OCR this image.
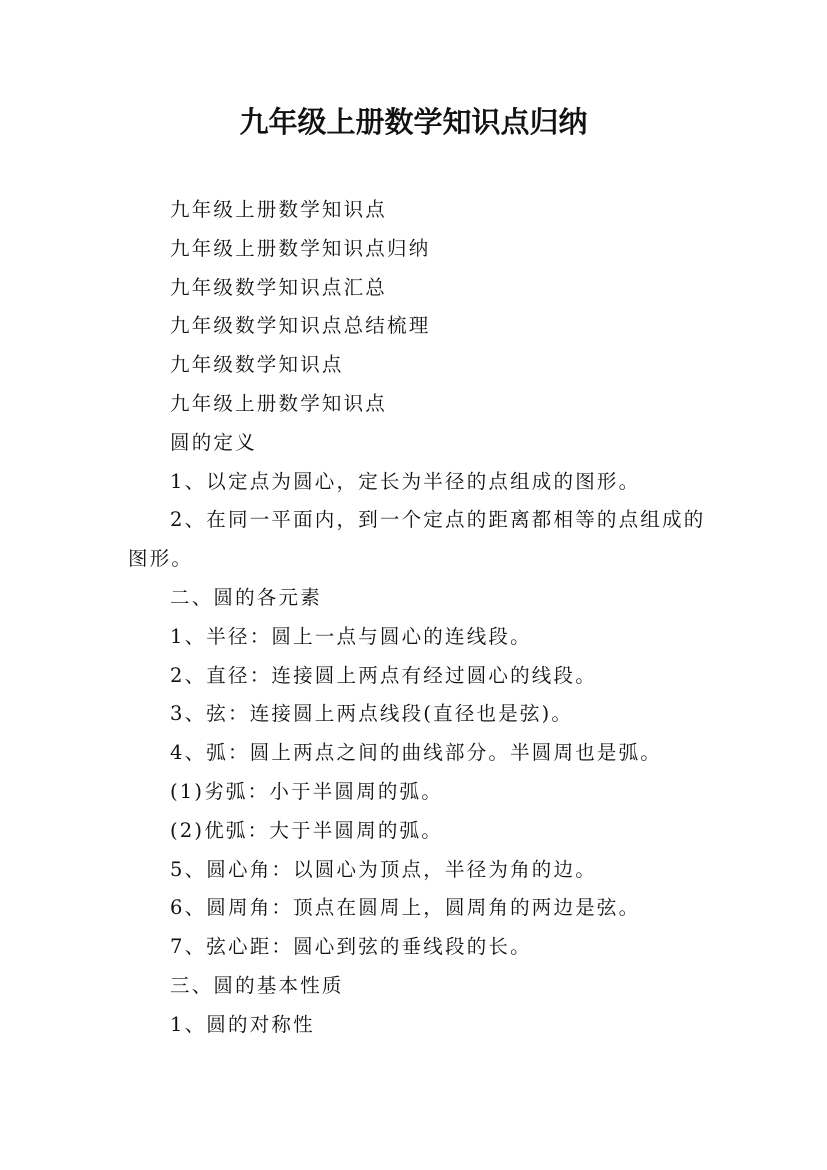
九年级上册数学知识点归纳

九年级上册数学知识点

九年级上册数学知识点归纳

九年级数学知识点汇总

九年级数学知识点总结梳理

九年级数学知识点

九年级上册数学知识点

圆的定义

1、以定点为圆心，定长为半径的点组成的图形。

2、在同一平面内，到一个定点的距离都相等的点组成的图形。

二、圆的各元素

1、半径：圆上一点与圆心的连线段。

2、直径：连接圆上两点有经过圆心的线段。

3、弦：连接圆上两点线段(直径也是弦)。

4、弧：圆上两点之间的曲线部分。半圆周也是弧。

(1)劣弧：小于半圆周的弧。

(2)优弧：大于半圆周的弧。

5、圆心角：以圆心为顶点，半径为角的边。

6、圆周角：顶点在圆周上，圆周角的两边是弦。

7、弦心距：圆心到弦的垂线段的长。

三、圆的基本性质

1、圆的对称性
